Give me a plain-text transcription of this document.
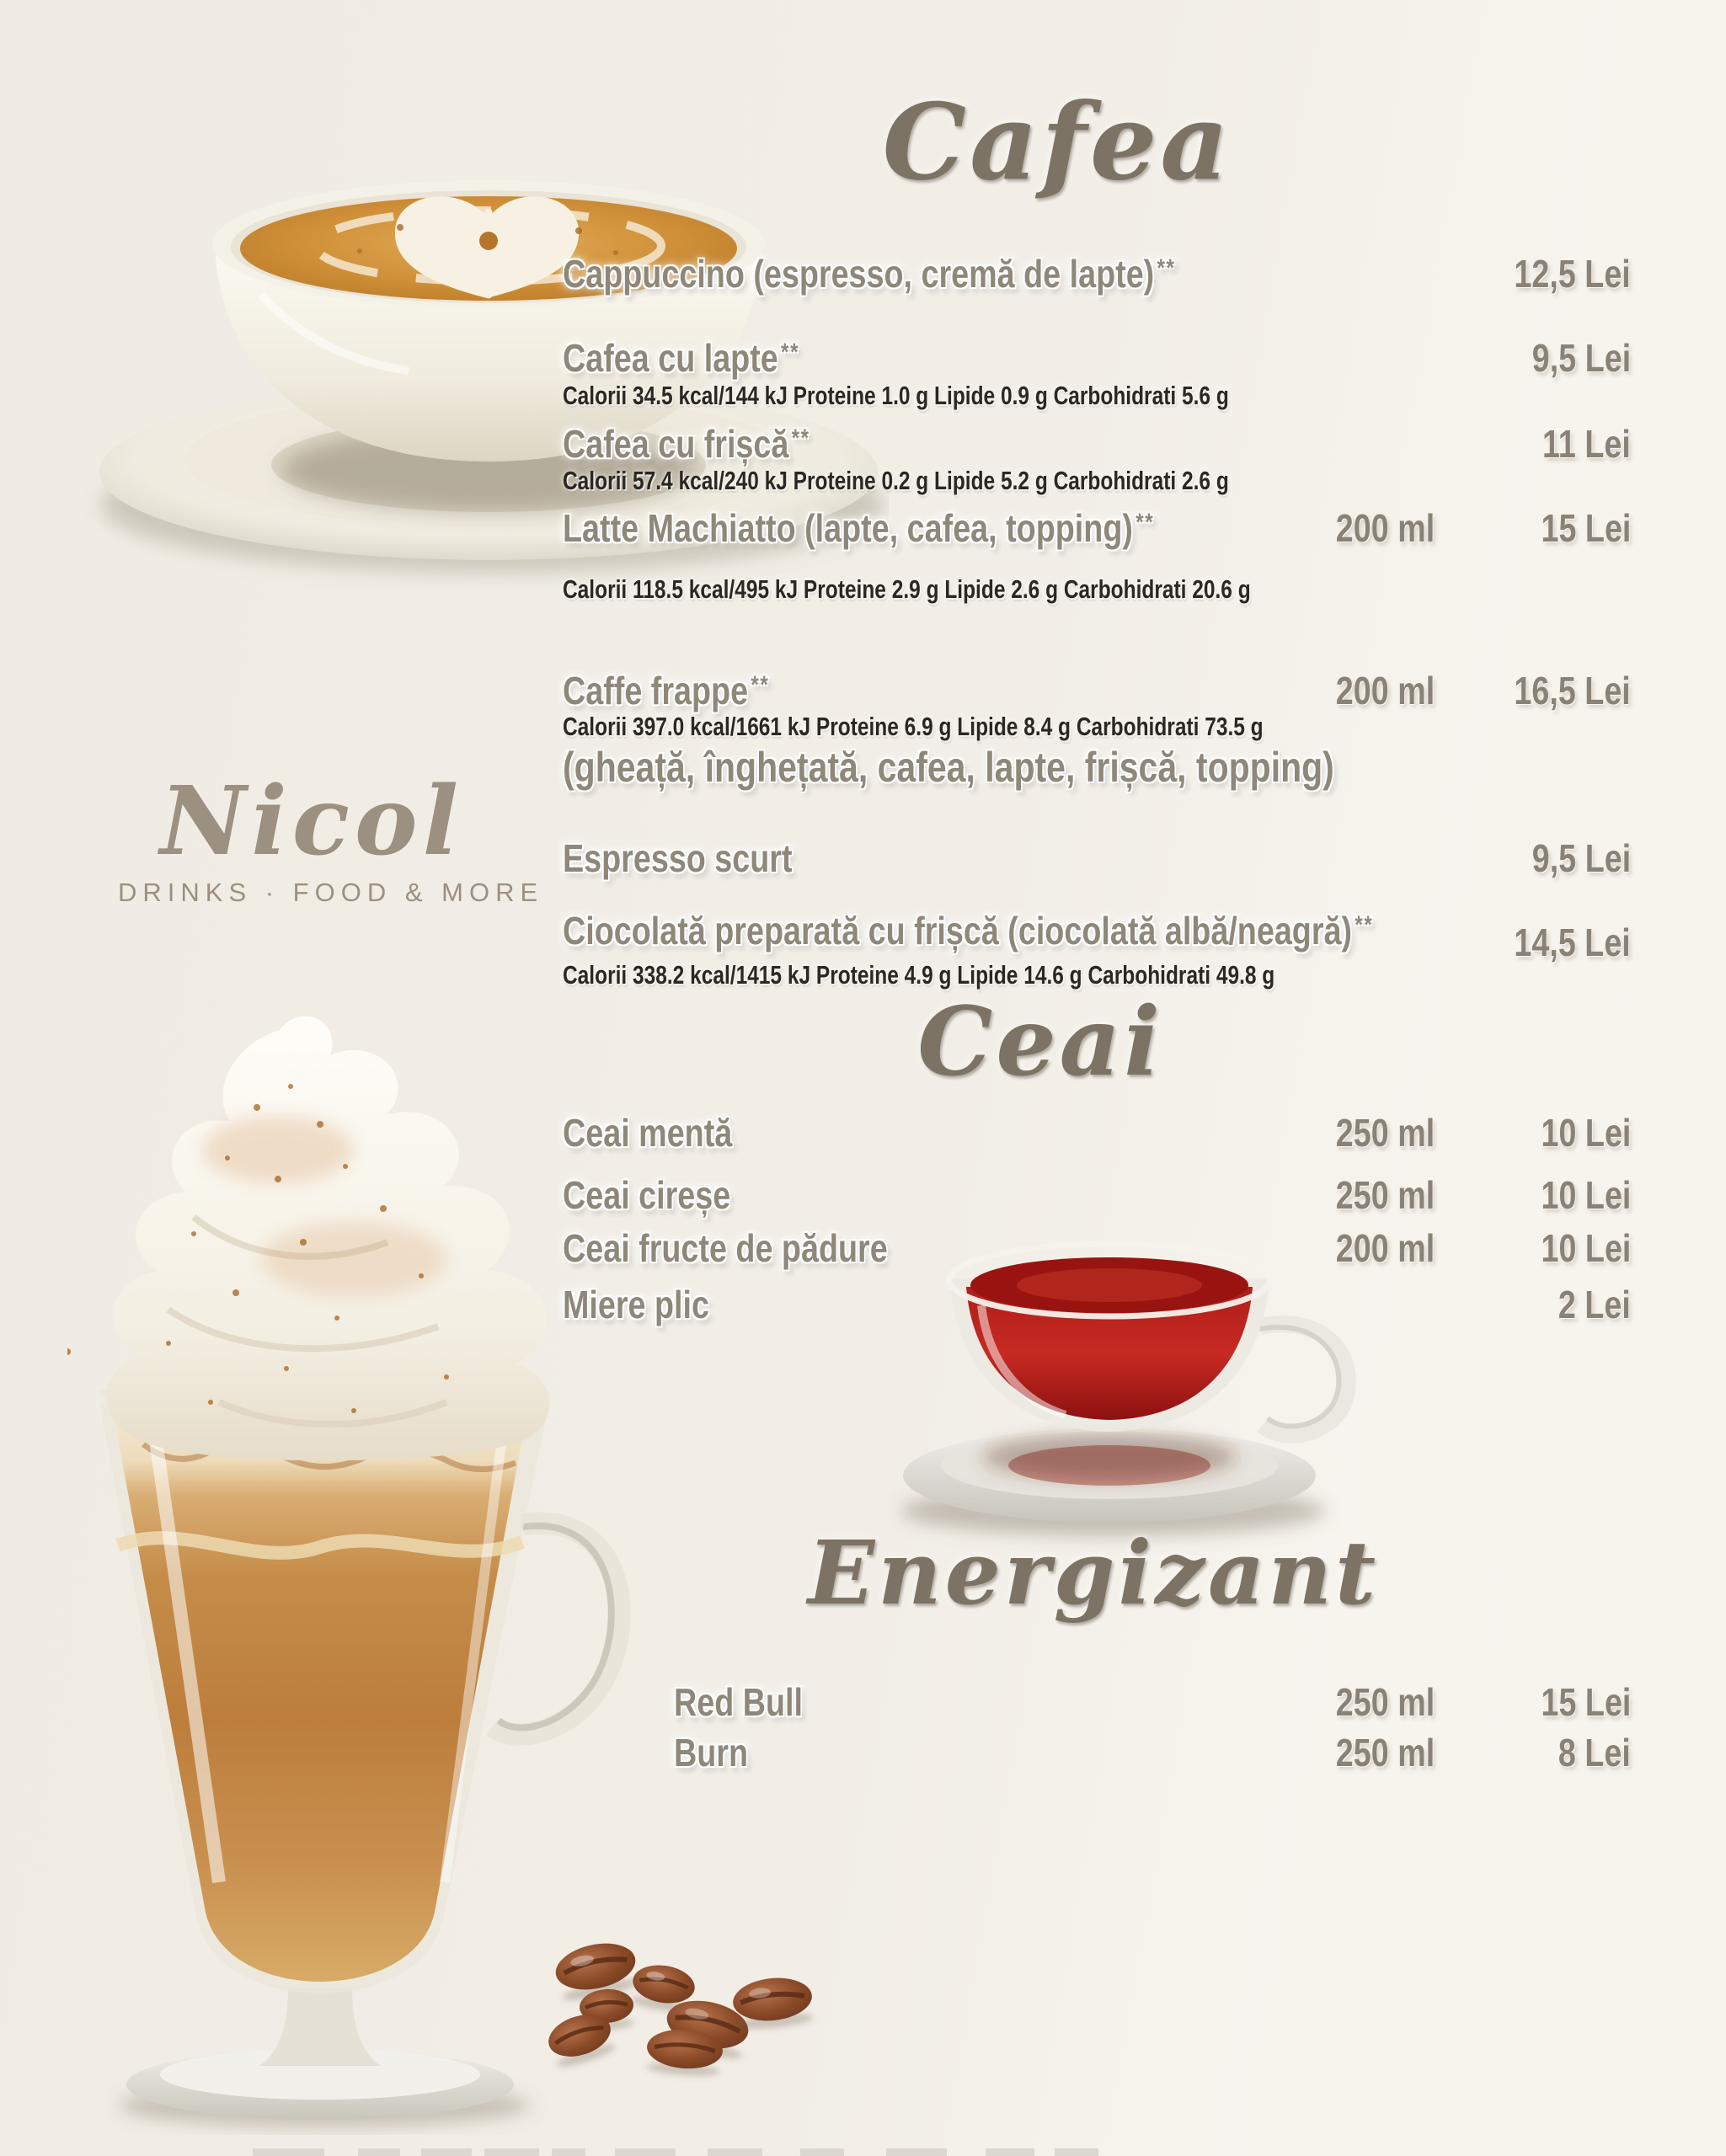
Cafea
Cappuccino (espresso, cremă de lapte) **	12,5 Lei
Cafea cu lapte **	9,5 Lei
Calorii 34.5 kcal/144 kJ Proteine 1.0 g Lipide 0.9 g Carbohidrati 5.6 g
Cafea cu frișcă **	11 Lei
Calorii 57.4 kcal/240 kJ Proteine 0.2 g Lipide 5.2 g Carbohidrati 2.6 g
Latte Machiatto (lapte, cafea, topping) **	200 ml	15 Lei
Calorii 118.5 kcal/495 kJ Proteine 2.9 g Lipide 2.6 g Carbohidrati 20.6 g
Caffe frappe **	200 ml 16,5 Lei
Calorii 397.0 kcal/1661 kJ Proteine 6.9 g Lipide 8.4 g Carbohidrati 73.5 g
(gheață, înghețată, cafea, lapte, frișcă, topping)
Espresso scurt	9,5 Lei
Ciocolată preparată cu frișcă (ciocolată albă/neagră) **	14,5 Lei
Calorii 338.2 kcal/1415 kJ Proteine 4.9 g Lipide 14.6 g Carbohidrati 49.8 g
Nicol
DRINKS · FOOD & MORE
Ceai
Ceai mentă	250 ml	10 Lei
Ceai cireșe	250 ml	10 Lei
Ceai fructe de pădure	200 ml	10 Lei
Miere plic	2 Lei
Energizant
Red Bull	250 ml	15 Lei
Burn	250 ml	8 Lei
